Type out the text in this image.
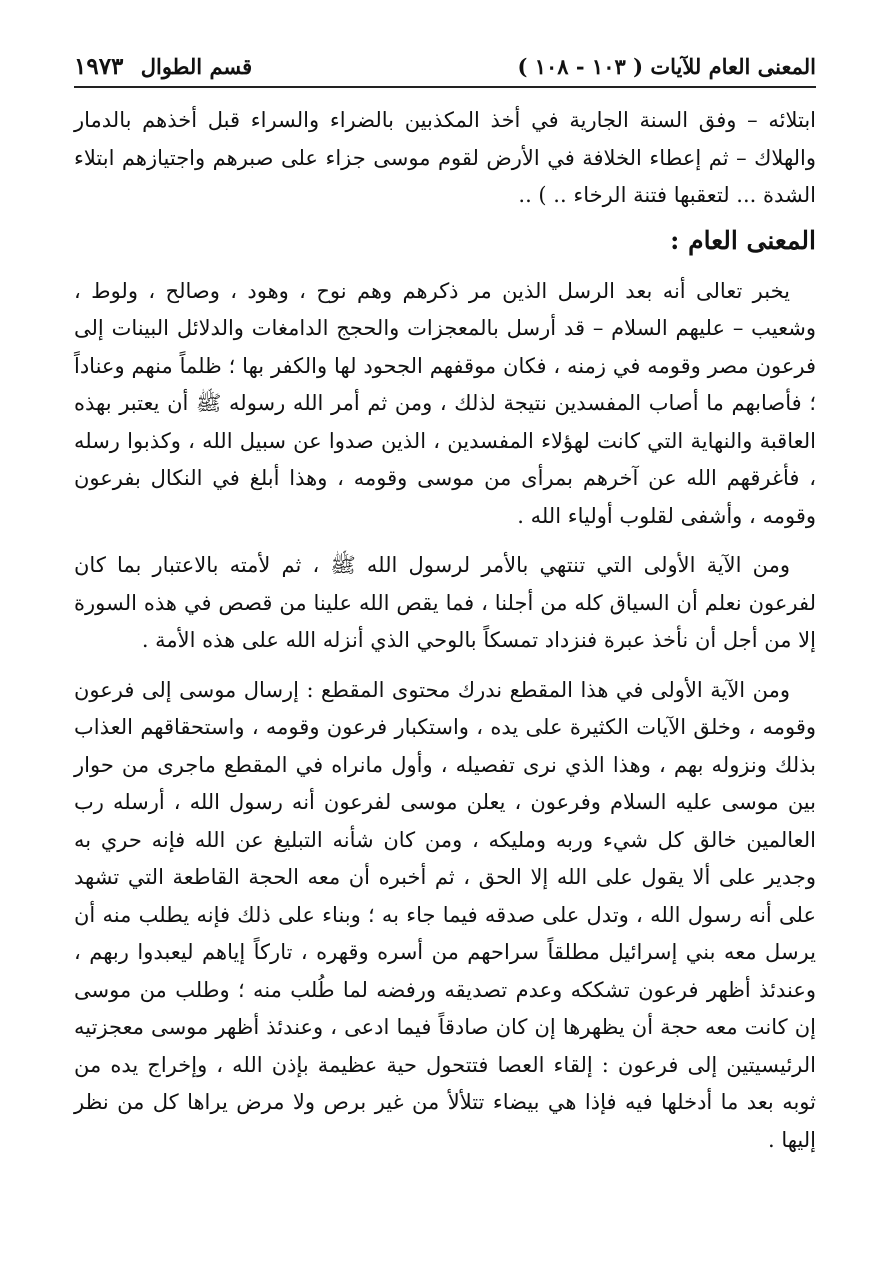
المعنى العام للآيات ( ١٠٣ - ١٠٨ )
قسم الطوال ١٩٧٣

ابتلائه – وفق السنة الجارية في أخذ المكذبين بالضراء والسراء قبل أخذهم بالدمار والهلاك – ثم إعطاء الخلافة في الأرض لقوم موسى جزاء على صبرهم واجتيازهم ابتلاء الشدة ... لتعقبها فتنة الرخاء .. ) ..

المعنى العام :

يخبر تعالى أنه بعد الرسل الذين مر ذكرهم وهم نوح ، وهود ، وصالح ، ولوط ، وشعيب – عليهم السلام – قد أرسل بالمعجزات والحجج الدامغات والدلائل البينات إلى فرعون مصر وقومه في زمنه ، فكان موقفهم الجحود لها والكفر بها ؛ ظلماً منهم وعناداً ؛ فأصابهم ما أصاب المفسدين نتيجة لذلك ، ومن ثم أمر الله رسوله ﷺ أن يعتبر بهذه العاقبة والنهاية التي كانت لهؤلاء المفسدين ، الذين صدوا عن سبيل الله ، وكذبوا رسله ، فأغرقهم الله عن آخرهم بمرأى من موسى وقومه ، وهذا أبلغ في النكال بفرعون وقومه ، وأشفى لقلوب أولياء الله .

ومن الآية الأولى التي تنتهي بالأمر لرسول الله ﷺ ، ثم لأمته بالاعتبار بما كان لفرعون نعلم أن السياق كله من أجلنا ، فما يقص الله علينا من قصص في هذه السورة إلا من أجل أن نأخذ عبرة فنزداد تمسكاً بالوحي الذي أنزله الله على هذه الأمة .

ومن الآية الأولى في هذا المقطع ندرك محتوى المقطع : إرسال موسى إلى فرعون وقومه ، وخلق الآيات الكثيرة على يده ، واستكبار فرعون وقومه ، واستحقاقهم العذاب بذلك ونزوله بهم ، وهذا الذي نرى تفصيله ، وأول مانراه في المقطع ماجرى من حوار بين موسى عليه السلام وفرعون ، يعلن موسى لفرعون أنه رسول الله ، أرسله رب العالمين خالق كل شيء وربه ومليكه ، ومن كان شأنه التبليغ عن الله فإنه حري به وجدير على ألا يقول على الله إلا الحق ، ثم أخبره أن معه الحجة القاطعة التي تشهد على أنه رسول الله ، وتدل على صدقه فيما جاء به ؛ وبناء على ذلك فإنه يطلب منه أن يرسل معه بني إسرائيل مطلقاً سراحهم من أسره وقهره ، تاركاً إياهم ليعبدوا ربهم ، وعندئذ أظهر فرعون تشككه وعدم تصديقه ورفضه لما طُلب منه ؛ وطلب من موسى إن كانت معه حجة أن يظهرها إن كان صادقاً فيما ادعى ، وعندئذ أظهر موسى معجزتيه الرئيسيتين إلى فرعون : إلقاء العصا فتتحول حية عظيمة بإذن الله ، وإخراج يده من ثوبه بعد ما أدخلها فيه فإذا هي بيضاء تتلألأ من غير برص ولا مرض يراها كل من نظر إليها .
